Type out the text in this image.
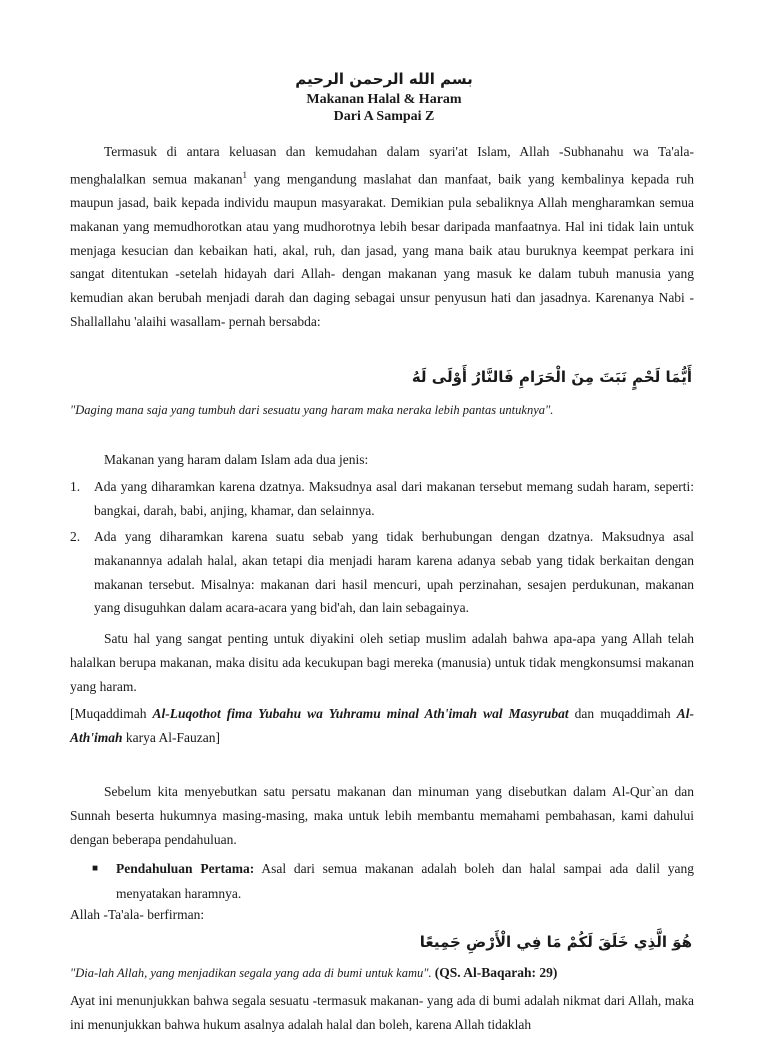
بسم الله الرحمن الرحيم
Makanan Halal & Haram
Dari A Sampai Z
Termasuk di antara keluasan dan kemudahan dalam syari'at Islam, Allah -Subhanahu wa Ta'ala- menghalalkan semua makanan$^1$ yang mengandung maslahat dan manfaat, baik yang kembalinya kepada ruh maupun jasad, baik kepada individu maupun masyarakat. Demikian pula sebaliknya Allah mengharamkan semua makanan yang memudhorotkan atau yang mudhorotnya lebih besar daripada manfaatnya. Hal ini tidak lain untuk menjaga kesucian dan kebaikan hati, akal, ruh, dan jasad, yang mana baik atau buruknya keempat perkara ini sangat ditentukan -setelah hidayah dari Allah- dengan makanan yang masuk ke dalam tubuh manusia yang kemudian akan berubah menjadi darah dan daging sebagai unsur penyusun hati dan jasadnya. Karenanya Nabi -Shallallahu 'alaihi wasallam- pernah bersabda:
أَيُّمَا لَحْمٍ نَبَتَ مِنَ الْحَرَامِ فَالنَّارُ أَوْلَى لَهُ
"Daging mana saja yang tumbuh dari sesuatu yang haram maka neraka lebih pantas untuknya".
Makanan yang haram dalam Islam ada dua jenis:
1. Ada yang diharamkan karena dzatnya. Maksudnya asal dari makanan tersebut memang sudah haram, seperti: bangkai, darah, babi, anjing, khamar, dan selainnya.
2. Ada yang diharamkan karena suatu sebab yang tidak berhubungan dengan dzatnya. Maksudnya asal makanannya adalah halal, akan tetapi dia menjadi haram karena adanya sebab yang tidak berkaitan dengan makanan tersebut. Misalnya: makanan dari hasil mencuri, upah perzinahan, sesajen perdukunan, makanan yang disuguhkan dalam acara-acara yang bid'ah, dan lain sebagainya.
Satu hal yang sangat penting untuk diyakini oleh setiap muslim adalah bahwa apa-apa yang Allah telah halalkan berupa makanan, maka disitu ada kecukupan bagi mereka (manusia) untuk tidak mengkonsumsi makanan yang haram.
[Muqaddimah Al-Luqothot fima Yubahu wa Yuhramu minal Ath'imah wal Masyrubat dan muqaddimah Al-Ath'imah karya Al-Fauzan]
Sebelum kita menyebutkan satu persatu makanan dan minuman yang disebutkan dalam Al-Qur`an dan Sunnah beserta hukumnya masing-masing, maka untuk lebih membantu memahami pembahasan, kami dahului dengan beberapa pendahuluan.
■ Pendahuluan Pertama: Asal dari semua makanan adalah boleh dan halal sampai ada dalil yang menyatakan haramnya.
Allah -Ta'ala- berfirman:
هُوَ الَّذِي خَلَقَ لَكُمْ مَا فِي الْأَرْضِ جَمِيعًا
"Dia-lah Allah, yang menjadikan segala yang ada di bumi untuk kamu". (QS. Al-Baqarah: 29)
Ayat ini menunjukkan bahwa segala sesuatu -termasuk makanan- yang ada di bumi adalah nikmat dari Allah, maka ini menunjukkan bahwa hukum asalnya adalah halal dan boleh, karena Allah tidaklah
